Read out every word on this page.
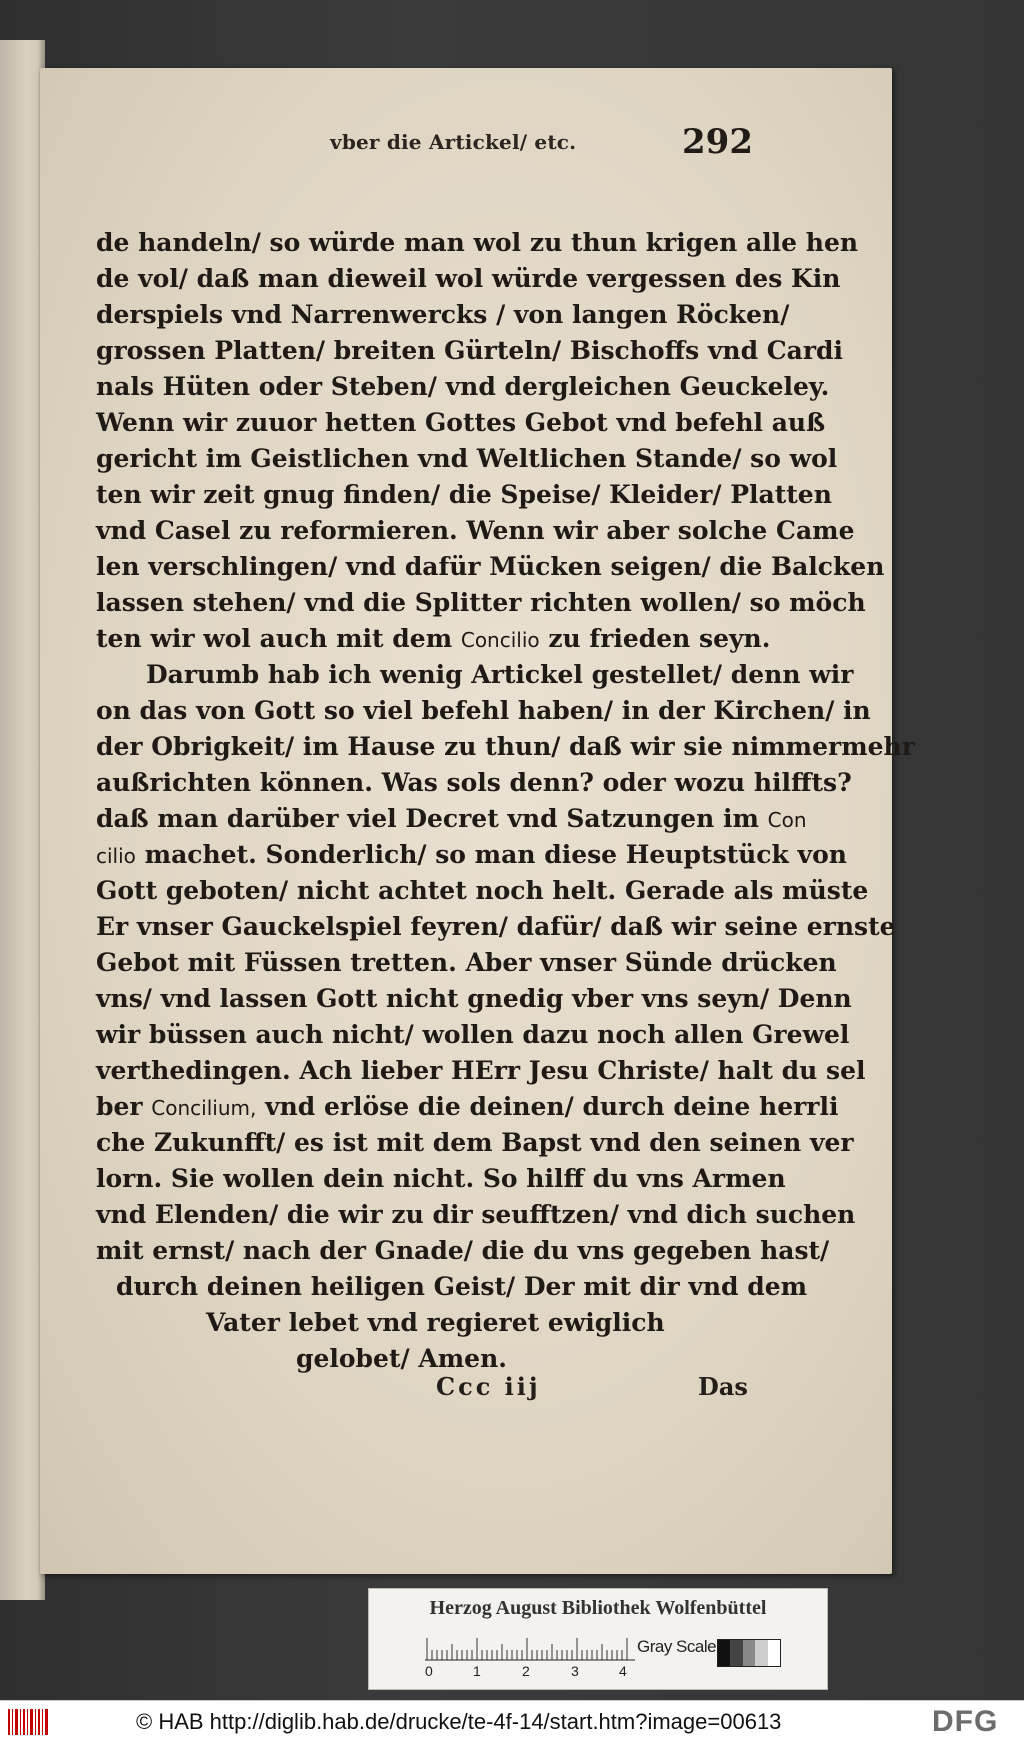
vber die Artickel/ etc.	292
de handeln/ so würde man wol zu thun krigen alle hen
de vol/ daß man dieweil wol würde vergessen des Kin
derspiels vnd Narrenwercks / von langen Röcken/
grossen Platten/ breiten Gürteln/ Bischoffs vnd Cardi
nals Hüten oder Steben/ vnd dergleichen Geuckeley.
Wenn wir zuuor hetten Gottes Gebot vnd befehl auß
gericht im Geistlichen vnd Weltlichen Stande/ so wol
ten wir zeit gnug finden/ die Speise/ Kleider/ Platten
vnd Casel zu reformieren. Wenn wir aber solche Came
len verschlingen/ vnd dafür Mücken seigen/ die Balcken
lassen stehen/ vnd die Splitter richten wollen/ so möch
ten wir wol auch mit dem Concilio zu frieden seyn.
Darumb hab ich wenig Artickel gestellet/ denn wir
on das von Gott so viel befehl haben/ in der Kirchen/ in
der Obrigkeit/ im Hause zu thun/ daß wir sie nimmermehr
außrichten können. Was sols denn? oder wozu hilffts?
daß man darüber viel Decret vnd Satzungen im Con
cilio machet. Sonderlich/ so man diese Heuptstück von
Gott geboten/ nicht achtet noch helt. Gerade als müste
Er vnser Gauckelspiel feyren/ dafür/ daß wir seine ernste
Gebot mit Füssen tretten. Aber vnser Sünde drücken
vns/ vnd lassen Gott nicht gnedig vber vns seyn/ Denn
wir büssen auch nicht/ wollen dazu noch allen Grewel
verthedingen. Ach lieber HErr Jesu Christe/ halt du sel
ber Concilium, vnd erlöse die deinen/ durch deine herrli
che Zukunfft/ es ist mit dem Bapst vnd den seinen ver
lorn. Sie wollen dein nicht. So hilff du vns Armen
vnd Elenden/ die wir zu dir seufftzen/ vnd dich suchen
mit ernst/ nach der Gnade/ die du vns gegeben hast/
durch deinen heiligen Geist/ Der mit dir vnd dem
Vater lebet vnd regieret ewiglich
gelobet/ Amen.
Ccc iij	Das
Herzog August Bibliothek Wolfenbüttel
0	1	2	3	4
Gray Scale
© HAB http://diglib.hab.de/drucke/te-4f-14/start.htm?image=00613	DFG
